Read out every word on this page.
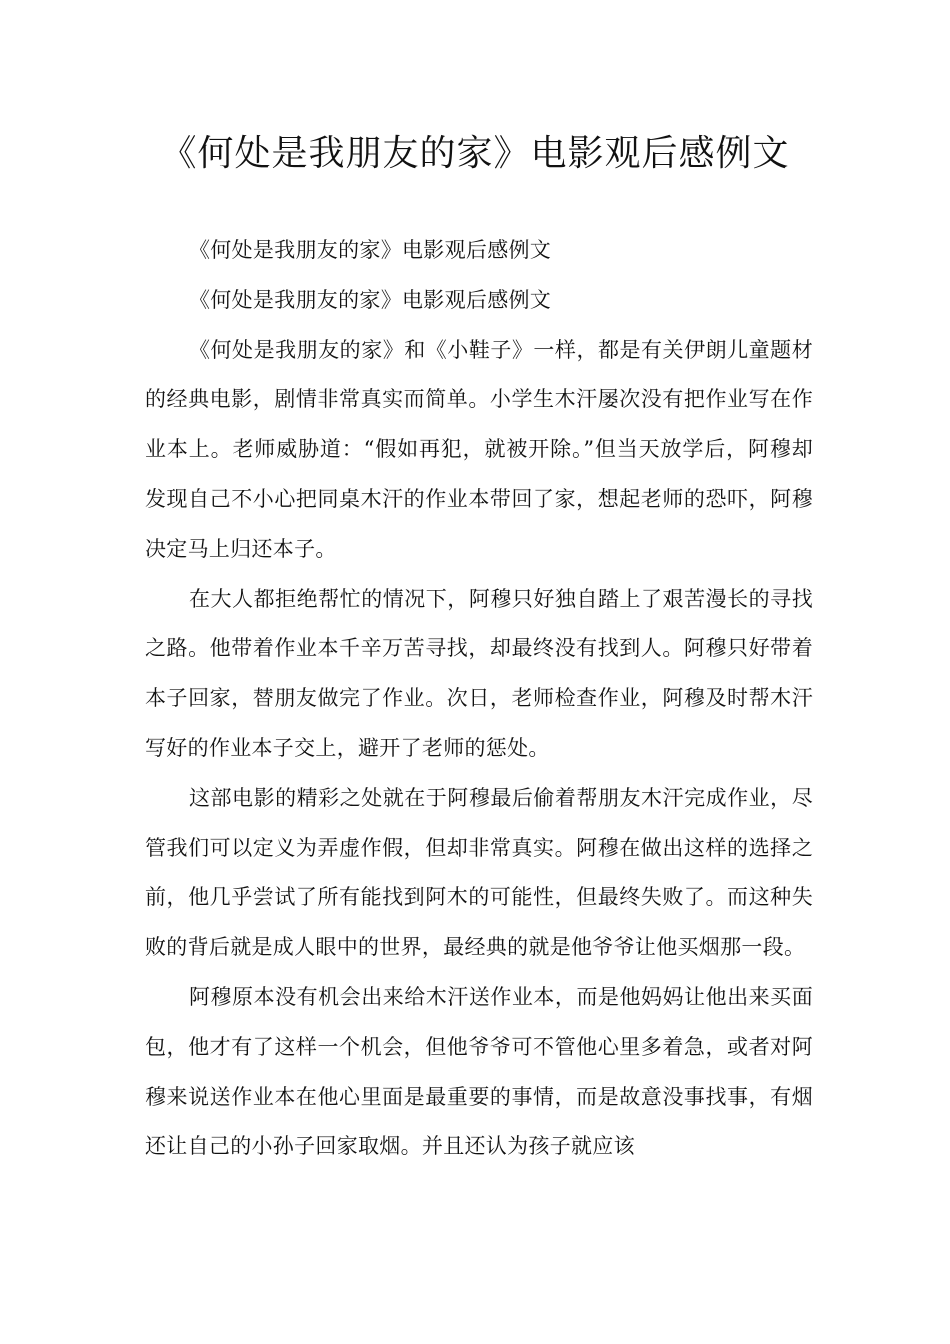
《何处是我朋友的家》电影观后感例文

《何处是我朋友的家》电影观后感例文

《何处是我朋友的家》电影观后感例文

《何处是我朋友的家》和《小鞋子》一样，都是有关伊朗儿童题材的经典电影，剧情非常真实而简单。小学生木汗屡次没有把作业写在作业本上。老师威胁道：“假如再犯，就被开除。”但当天放学后，阿穆却发现自己不小心把同桌木汗的作业本带回了家，想起老师的恐吓，阿穆决定马上归还本子。

在大人都拒绝帮忙的情况下，阿穆只好独自踏上了艰苦漫长的寻找之路。他带着作业本千辛万苦寻找，却最终没有找到人。阿穆只好带着本子回家，替朋友做完了作业。次日，老师检查作业，阿穆及时帮木汗写好的作业本子交上，避开了老师的惩处。

这部电影的精彩之处就在于阿穆最后偷着帮朋友木汗完成作业，尽管我们可以定义为弄虚作假，但却非常真实。阿穆在做出这样的选择之前，他几乎尝试了所有能找到阿木的可能性，但最终失败了。而这种失败的背后就是成人眼中的世界，最经典的就是他爷爷让他买烟那一段。

阿穆原本没有机会出来给木汗送作业本，而是他妈妈让他出来买面包，他才有了这样一个机会，但他爷爷可不管他心里多着急，或者对阿穆来说送作业本在他心里面是最重要的事情，而是故意没事找事，有烟还让自己的小孙子回家取烟。并且还认为孩子就应该
